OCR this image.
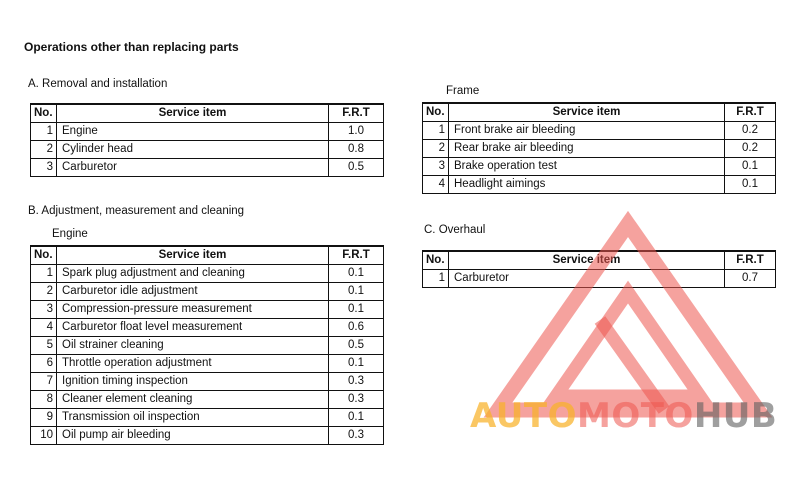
Operations other than replacing parts
A. Removal and installation
No.	Service item	F.R.T
1	Engine	1.0
2	Cylinder head	0.8
3	Carburetor	0.5
B. Adjustment, measurement and cleaning
Engine
No.	Service item	F.R.T
1	Spark plug adjustment and cleaning	0.1
2	Carburetor idle adjustment	0.1
3	Compression-pressure measurement	0.1
4	Carburetor float level measurement	0.6
5	Oil strainer cleaning	0.5
6	Throttle operation adjustment	0.1
7	Ignition timing inspection	0.3
8	Cleaner element cleaning	0.3
9	Transmission oil inspection	0.1
10	Oil pump air bleeding	0.3
Frame
No.	Service item	F.R.T
1	Front brake air bleeding	0.2
2	Rear brake air bleeding	0.2
3	Brake operation test	0.1
4	Headlight aimings	0.1
C. Overhaul
No.	Service item	F.R.T
1	Carburetor	0.7
AUTOMOTOHUB
